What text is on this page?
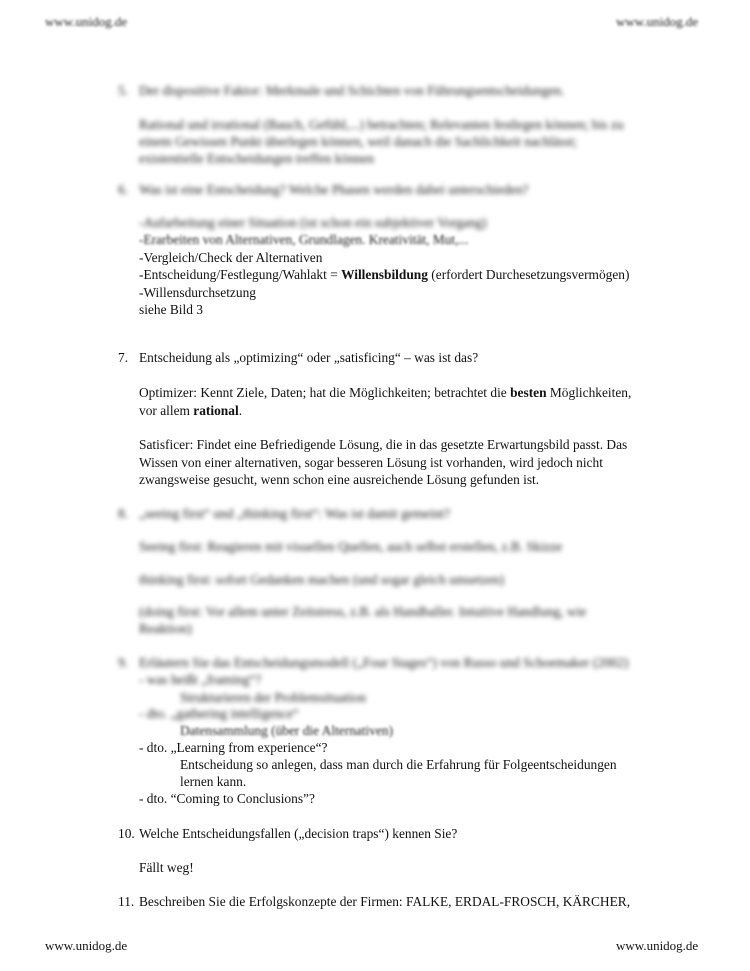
www.unidog.de	www.unidog.de
5. Der dispositive Faktor: Merkmale und Schichten von Führungsentscheidungen.
Rational und irrational (Bauch, Gefühl,...) betrachten; Relevanten festlegen können; bis zu
einem Gewissen Punkt überlegen können, weil danach die Sachlichkeit nachlässt;
existentielle Entscheidungen treffen können
6. Was ist eine Entscheidung? Welche Phasen werden dabei unterschieden?
-Aufarbeitung einer Situation (ist schon ein subjektiver Vorgang)
-Erarbeiten von Alternativen, Grundlagen. Kreativität, Mut,...
-Vergleich/Check der Alternativen
-Entscheidung/Festlegung/Wahlakt = Willensbildung (erfordert Durchesetzungsvermögen)
-Willensdurchsetzung
siehe Bild 3
7. Entscheidung als „optimizing“ oder „satisficing“ – was ist das?
Optimizer: Kennt Ziele, Daten; hat die Möglichkeiten; betrachtet die besten Möglichkeiten,
vor allem rational.
Satisficer: Findet eine Befriedigende Lösung, die in das gesetzte Erwartungsbild passt. Das
Wissen von einer alternativen, sogar besseren Lösung ist vorhanden, wird jedoch nicht
zwangsweise gesucht, wenn schon eine ausreichende Lösung gefunden ist.
8. „seeing first“ und „thinking first“: Was ist damit gemeint?
Seeing first: Reagieren mit visuellen Quellen, auch selbst erstellen, z.B. Skizze
thinking first: sofort Gedanken machen (und sogar gleich umsetzen)
(doing first: Vor allem unter Zeitstress, z.B. als Handballer. Intuitive Handlung, wie
Reaktion)
9. Erläutern Sie das Entscheidungsmodell („Four Stages“) von Russo und Schoemaker (2002)
- was heißt „framing“?
Strukturieren der Problemsituation
- dto. „gathering intelligence“
Datensammlung (über die Alternativen)
- dto. „Learning from experience“?
Entscheidung so anlegen, dass man durch die Erfahrung für Folgeentscheidungen
lernen kann.
- dto. “Coming to Conclusions”?
10. Welche Entscheidungsfallen („decision traps“) kennen Sie?
Fällt weg!
11. Beschreiben Sie die Erfolgskonzepte der Firmen: FALKE, ERDAL-FROSCH, KÄRCHER,
www.unidog.de	www.unidog.de
